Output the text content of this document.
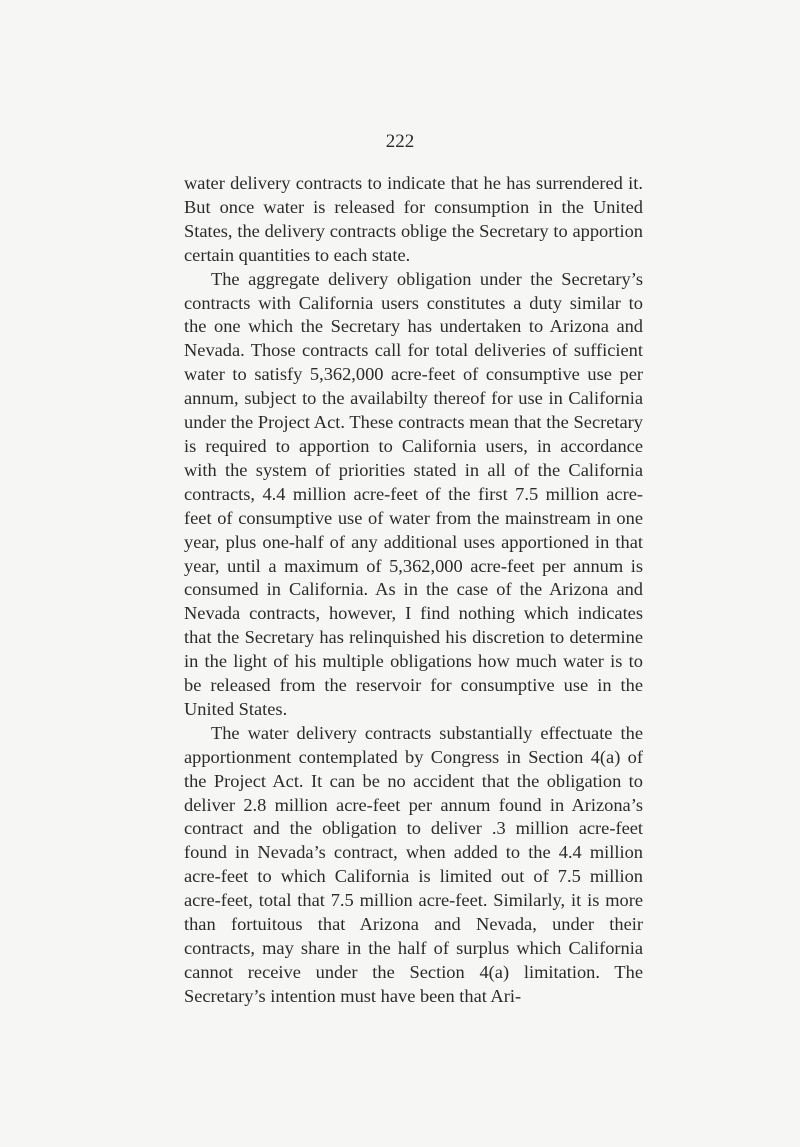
222

water delivery contracts to indicate that he has surrendered it. But once water is released for consumption in the United States, the delivery contracts oblige the Secretary to apportion certain quantities to each state.

The aggregate delivery obligation under the Secretary’s contracts with California users constitutes a duty similar to the one which the Secretary has undertaken to Arizona and Nevada. Those contracts call for total deliveries of sufficient water to satisfy 5,362,000 acre-feet of consumptive use per annum, subject to the availabilty thereof for use in California under the Project Act. These contracts mean that the Secretary is required to apportion to California users, in accordance with the system of priorities stated in all of the California contracts, 4.4 million acre-feet of the first 7.5 million acre-feet of consumptive use of water from the mainstream in one year, plus one-half of any additional uses apportioned in that year, until a maximum of 5,362,000 acre-feet per annum is consumed in California. As in the case of the Arizona and Nevada contracts, however, I find nothing which indicates that the Secretary has relinquished his discretion to determine in the light of his multiple obligations how much water is to be released from the reservoir for consumptive use in the United States.

The water delivery contracts substantially effectuate the apportionment contemplated by Congress in Section 4(a) of the Project Act. It can be no accident that the obligation to deliver 2.8 million acre-feet per annum found in Arizona’s contract and the obligation to deliver .3 million acre-feet found in Nevada’s contract, when added to the 4.4 million acre-feet to which California is limited out of 7.5 million acre-feet, total that 7.5 million acre-feet. Similarly, it is more than fortuitous that Arizona and Nevada, under their contracts, may share in the half of surplus which California cannot receive under the Section 4(a) limitation. The Secretary’s intention must have been that Ari-
